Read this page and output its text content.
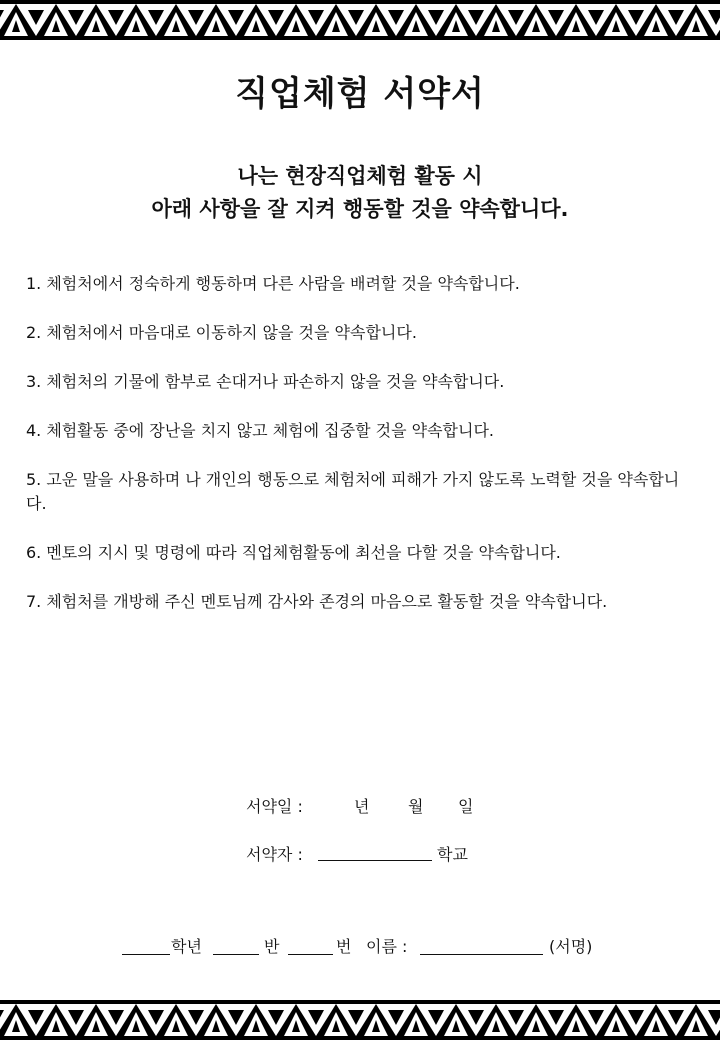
직업체험 서약서
나는 현장직업체험 활동 시
아래 사항을 잘 지켜 행동할 것을 약속합니다.
1. 체험처에서 정숙하게 행동하며 다른 사람을 배려할 것을 약속합니다.
2. 체험처에서 마음대로 이동하지 않을 것을 약속합니다.
3. 체험처의 기물에 함부로 손대거나 파손하지 않을 것을 약속합니다.
4. 체험활동 중에 장난을 치지 않고 체험에 집중할 것을 약속합니다.
5. 고운 말을 사용하며 나 개인의 행동으로 체험처에 피해가 가지 않도록 노력할 것을 약속합니다.
6. 멘토의 지시 및 명령에 따라 직업체험활동에 최선을 다할 것을 약속합니다.
7. 체험처를 개방해 주신 멘토님께 감사와 존경의 마음으로 활동할 것을 약속합니다.
서약일 :	년 월 일
서약자 :	학교
학년	반	번 이름 :	(서명)
